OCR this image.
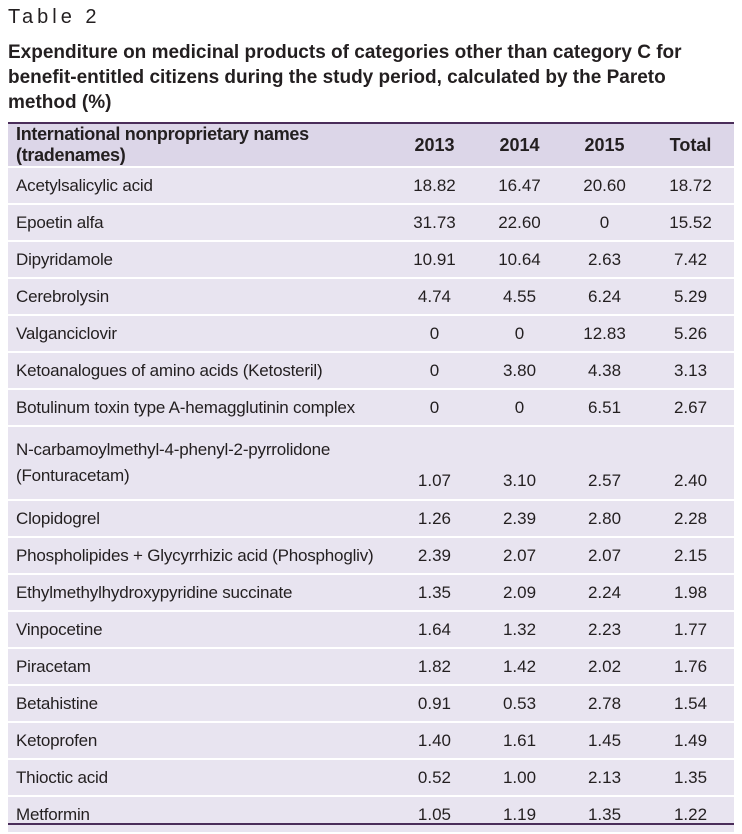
Table 2
Expenditure on medicinal products of categories other than category C for benefit-entitled citizens during the study period, calculated by the Pareto method (%)
International nonproprietary names (tradenames)	2013	2014	2015	Total
Acetylsalicylic acid	18.82	16.47	20.60	18.72
Epoetin alfa	31.73	22.60	0	15.52
Dipyridamole	10.91	10.64	2.63	7.42
Cerebrolysin	4.74	4.55	6.24	5.29
Valganciclovir	0	0	12.83	5.26
Ketoanalogues of amino acids (Ketosteril)	0	3.80	4.38	3.13
Botulinum toxin type A-hemagglutinin complex	0	0	6.51	2.67

N-carbamoylmethyl-4-phenyl-2-pyrrolidone
(Fonturacetam)	1.07	3.10	2.57	2.40
Clopidogrel	1.26	2.39	2.80	2.28
Phospholipides + Glycyrrhizic acid (Phosphogliv)	2.39	2.07	2.07	2.15
Ethylmethylhydroxypyridine succinate	1.35	2.09	2.24	1.98
Vinpocetine	1.64	1.32	2.23	1.77
Piracetam	1.82	1.42	2.02	1.76
Betahistine	0.91	0.53	2.78	1.54
Ketoprofen	1.40	1.61	1.45	1.49
Thioctic acid	0.52	1.00	2.13	1.35
Metformin	1.05	1.19	1.35	1.22
